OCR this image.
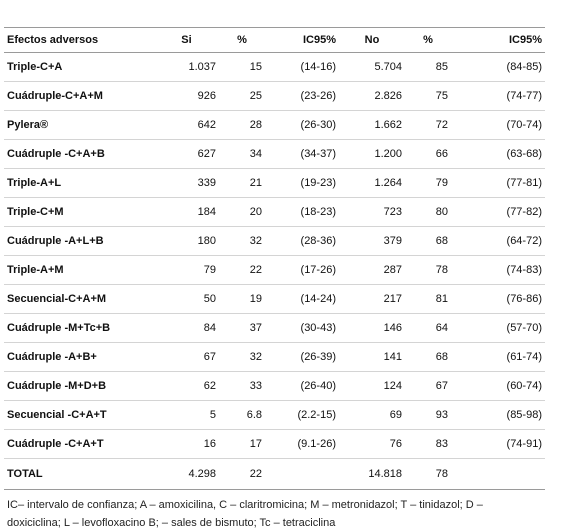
Efectos adversos	Si	%	IC95%	No	%	IC95%
Triple-C+A	1.037	15	(14-16)	5.704	85	(84-85)
Cuádruple-C+A+M	926	25	(23-26)	2.826	75	(74-77)
Pylera®	642	28	(26-30)	1.662	72	(70-74)
Cuádruple -C+A+B	627	34	(34-37)	1.200	66	(63-68)
Triple-A+L	339	21	(19-23)	1.264	79	(77-81)
Triple-C+M	184	20	(18-23)	723	80	(77-82)
Cuádruple -A+L+B	180	32	(28-36)	379	68	(64-72)
Triple-A+M	79	22	(17-26)	287	78	(74-83)
Secuencial-C+A+M	50	19	(14-24)	217	81	(76-86)
Cuádruple -M+Tc+B	84	37	(30-43)	146	64	(57-70)
Cuádruple -A+B+	67	32	(26-39)	141	68	(61-74)
Cuádruple -M+D+B	62	33	(26-40)	124	67	(60-74)
Secuencial -C+A+T	5	6.8	(2.2-15)	69	93	(85-98)
Cuádruple -C+A+T	16	17	(9.1-26)	76	83	(74-91)
TOTAL	4.298	22		14.818	78	
IC– intervalo de confianza; A – amoxicilina, C – claritromicina; M – metronidazol; T – tinidazol; D – doxiciclina; L – levofloxacino B; – sales de bismuto; Tc – tetraciclina
